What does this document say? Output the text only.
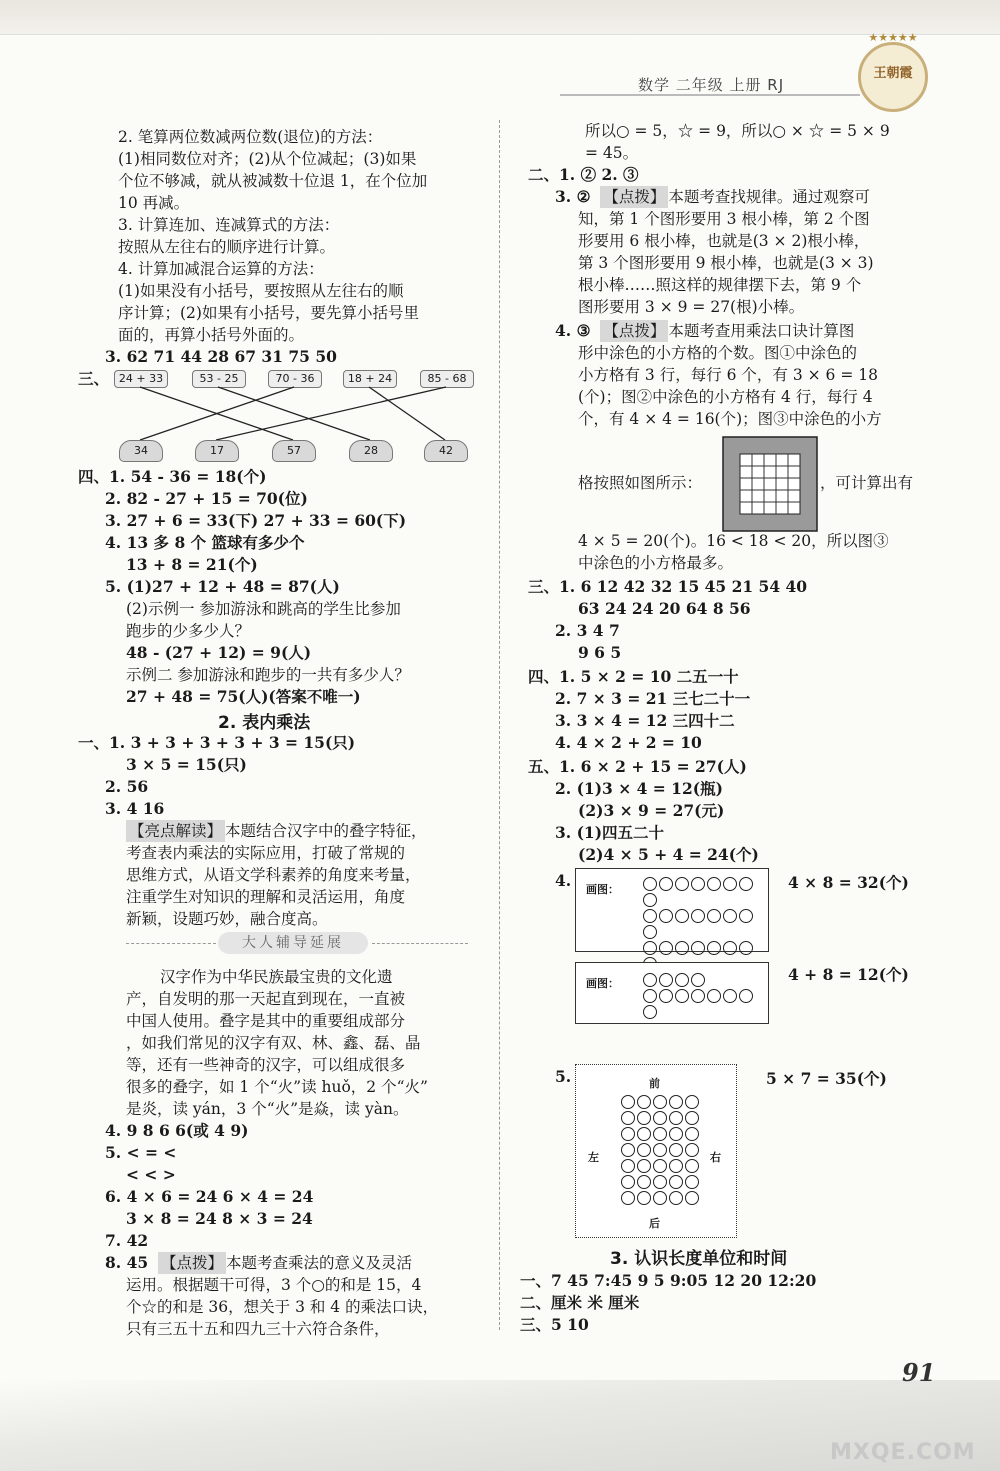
数学 二年级 上册 RJ
★★★★★
王朝霞
2. 笔算两位数减两位数(退位)的方法：
(1)相同数位对齐；(2)从个位减起；(3)如果
个位不够减，就从被减数十位退 1，在个位加
10 再减。
3. 计算连加、连减算式的方法：
按照从左往右的顺序进行计算。
4. 计算加减混合运算的方法：
(1)如果没有小括号，要按照从左往右的顺
序计算；(2)如果有小括号，要先算小括号里
面的，再算小括号外面的。
3. 62 71 44 28 67 31 75 50
三、 24 + 33	53 - 25	70 - 36	18 + 24	85 - 68
34	17	57	28	42
四、1. 54 - 36 = 18(个)
2. 82 - 27 + 15 = 70(位)
3. 27 + 6 = 33(下) 27 + 33 = 60(下)
4. 13 多 8 个 篮球有多少个
13 + 8 = 21(个)
5. (1)27 + 12 + 48 = 87(人)
(2)示例一 参加游泳和跳高的学生比参加
跑步的少多少人？
48 - (27 + 12) = 9(人)
示例二 参加游泳和跑步的一共有多少人？
27 + 48 = 75(人)(答案不唯一)
2. 表内乘法
一、1. 3 + 3 + 3 + 3 + 3 = 15(只)
3 × 5 = 15(只)
2. 56
3. 4 16
【亮点解读】 本题结合汉字中的叠字特征，
考查表内乘法的实际应用，打破了常规的
思维方式，从语文学科素养的角度来考量，
注重学生对知识的理解和灵活运用，角度
新颖，设题巧妙，融合度高。
大人辅导延展
汉字作为中华民族最宝贵的文化遗
产，自发明的那一天起直到现在，一直被
中国人使用。叠字是其中的重要组成部分
，如我们常见的汉字有双、林、鑫、磊、晶
等，还有一些神奇的汉字，可以组成很多
很多的叠字，如 1 个“火”读 huǒ，2 个“火”
是炎，读 yán，3 个“火”是焱，读 yàn。
4. 9 8 6 6(或 4 9)
5. < = <
< < >
6. 4 × 6 = 24 6 × 4 = 24
3 × 8 = 24 8 × 3 = 24
7. 42
8. 45 【点拨】 本题考查乘法的意义及灵活
运用。根据题干可得，3 个○的和是 15，4
个☆的和是 36，想关于 3 和 4 的乘法口诀，
只有三五十五和四九三十六符合条件，
所以○ = 5，☆ = 9，所以○ × ☆ = 5 × 9
= 45。
二、1. ② 2. ③
3. ② 【点拨】 本题考查找规律。通过观察可
知，第 1 个图形要用 3 根小棒，第 2 个图
形要用 6 根小棒，也就是(3 × 2)根小棒，
第 3 个图形要用 9 根小棒，也就是(3 × 3)
根小棒……照这样的规律摆下去，第 9 个
图形要用 3 × 9 = 27(根)小棒。
4. ③ 【点拨】 本题考查用乘法口诀计算图
形中涂色的小方格的个数。图①中涂色的
小方格有 3 行，每行 6 个，有 3 × 6 = 18
(个)；图②中涂色的小方格有 4 行，每行 4
个，有 4 × 4 = 16(个)；图③中涂色的小方
格按照如图所示：	，可计算出有
4 × 5 = 20(个)。16 < 18 < 20，所以图③
中涂色的小方格最多。
三、1. 6 12 42 32 15 45 21 54 40
63 24 24 20 64 8 56
2. 3 4 7
9 6 5
四、1. 5 × 2 = 10 二五一十
2. 7 × 3 = 21 三七二十一
3. 3 × 4 = 12 三四十二
4. 4 × 2 + 2 = 10
五、1. 6 × 2 + 15 = 27(人)
2. (1)3 × 4 = 12(瓶)
(2)3 × 9 = 27(元)
3. (1)四五二十
(2)4 × 5 + 4 = 24(个)
4. 画图：	4 × 8 = 32(个)
画图：	4 + 8 = 12(个)
5.	前
左	右
后

5 × 7 = 35(个)
3. 认识长度单位和时间
一、7 45 7:45 9 5 9:05 12 20 12:20
二、厘米 米 厘米
三、5 10
91
MXQE.COM
